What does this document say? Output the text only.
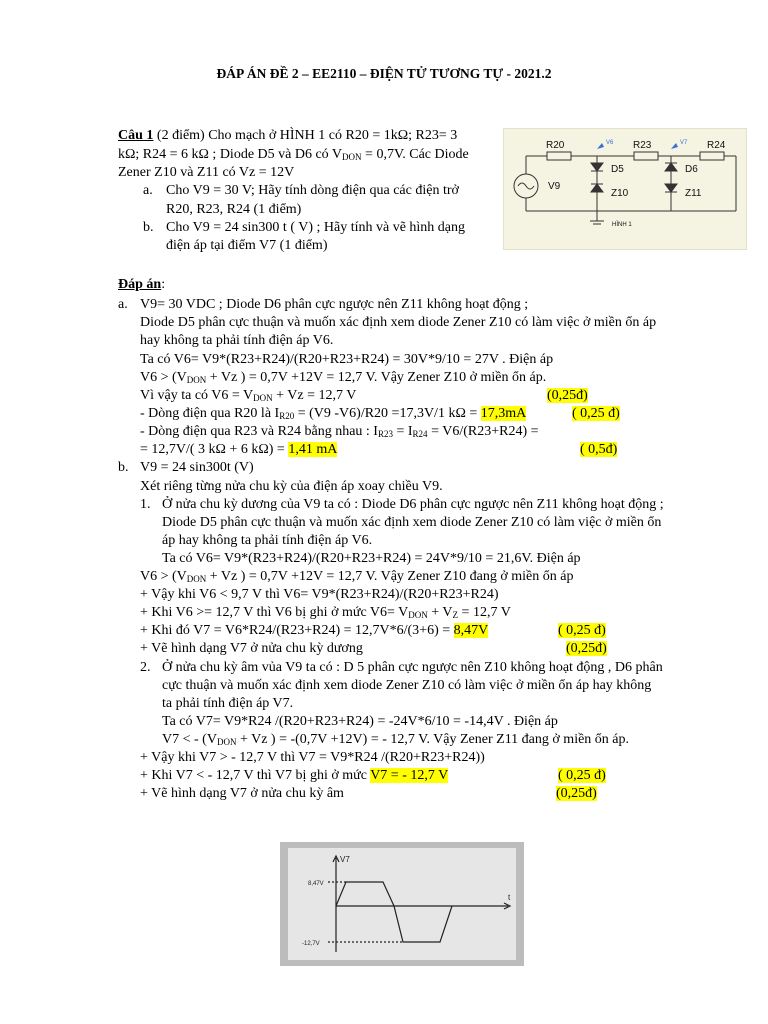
ĐÁP ÁN ĐỀ 2 – EE2110 – ĐIỆN TỬ TƯƠNG TỰ - 2021.2
Câu 1 (2 điểm) Cho mạch ở HÌNH 1 có R20 = 1kΩ; R23= 3
kΩ; R24 = 6 kΩ ; Diode D5 và D6 có $V_{DON} = 0,7V$. Các Diode
Zener Z10 và Z11 có Vz = 12V
a. Cho V9 = 30 V; Hãy tính dòng điện qua các điện trở
R20, R23, R24 (1 điểm)
b. Cho V9 = 24 sin300 t ( V) ; Hãy tính và vẽ hình dạng
điện áp tại điểm V7 (1 điểm)
R20	R23	R24
D5
Z10
D6
Z11
V9
V6	V7
HÌNH 1
Đáp án:
a. V9= 30 VDC ; Diode D6 phân cực ngược nên Z11 không hoạt động ;
Diode D5 phân cực thuận và muốn xác định xem diode Zener Z10 có làm việc ở miền ổn áp
hay không ta phải tính điện áp V6.
Ta có V6= V9*(R23+R24)/(R20+R23+R24) = 30V*9/10 = 27V . Điện áp
$V6 > (V_{DON} + Vz$ ) = 0,7V +12V = 12,7 V. Vậy Zener Z10 ở miền ổn áp.
Vì vậy ta có $V6 = V_{DON} + Vz = 12,7$ V	(0,25đ)
- Dòng điện qua R20 là $I_{R20} = (V9$ -V6)/R20 =17,3V/1 kΩ = 17,3mA	( 0,25 đ)
- Dòng điện qua R23 và R24 bằng nhau : $I_{R23} = I_{R24} = V6/(R23+R24)$ =
= 12,7V/( 3 kΩ + 6 kΩ) = 1,41 mA	( 0,5đ)
b. V9 = 24 sin300t (V)
Xét riêng từng nửa chu kỳ của điện áp xoay chiều V9.
1. Ở nửa chu kỳ dương của V9 ta có : Diode D6 phân cực ngược nên Z11 không hoạt động ;
Diode D5 phân cực thuận và muốn xác định xem diode Zener Z10 có làm việc ở miền ổn
áp hay không ta phải tính điện áp V6.
Ta có V6= V9*(R23+R24)/(R20+R23+R24) = 24V*9/10 = 21,6V. Điện áp
$V6 > (V_{DON} + Vz$ ) = 0,7V +12V = 12,7 V. Vậy Zener Z10 đang ở miền ổn áp
+ Vậy khi V6 < 9,7 V thì V6= V9*(R23+R24)/(R20+R23+R24)
+ Khi V6 >= 12,7 V thì V6 bị ghi ở mức $V6= V_{DON} + V_Z = 12,7$ V
+ Khi đó V7 = V6*R24/(R23+R24) = 12,7V*6/(3+6) = 8,47V	( 0,25 đ)
+ Vẽ hình dạng V7 ở nửa chu kỳ dương	(0,25đ)
2. Ở nửa chu kỳ âm vủa V9 ta có : D 5 phân cực ngược nên Z10 không hoạt động , D6 phân
cực thuận và muốn xác định xem diode Zener Z10 có làm việc ở miền ổn áp hay không
ta phải tính điện áp V7.
Ta có V7= V9*R24 /(R20+R23+R24) = -24V*6/10 = -14,4V . Điện áp
V7 < - ($V_{DON} + Vz$ ) = -(0,7V +12V) = - 12,7 V. Vậy Zener Z11 đang ở miền ổn áp.
+ Vậy khi V7 > - 12,7 V thì V7 = V9*R24 /(R20+R23+R24))
+ Khi V7 < - 12,7 V thì V7 bị ghi ở mức V7 = - 12,7 V	( 0,25 đ)
+ Vẽ hình dạng V7 ở nửa chu kỳ âm	(0,25đ)
V7
t
8,47V
-12,7V
